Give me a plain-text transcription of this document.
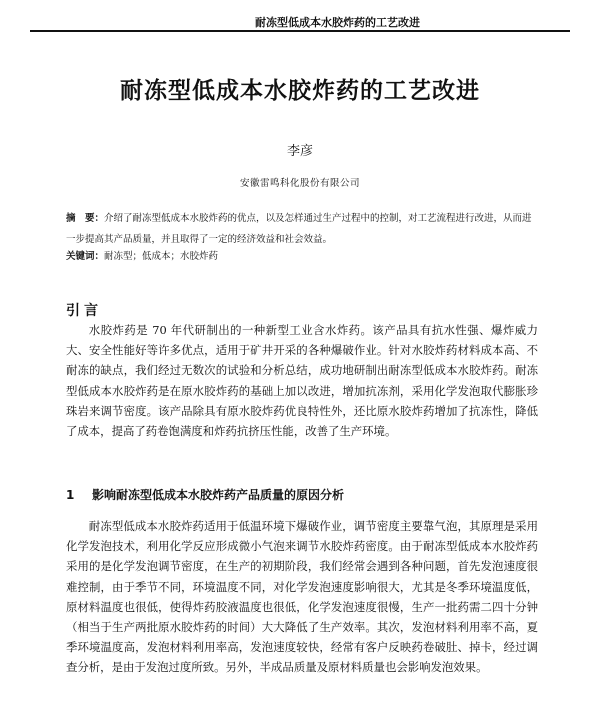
耐冻型低成本水胶炸药的工艺改进
耐冻型低成本水胶炸药的工艺改进
李彦
安徽雷鸣科化股份有限公司
摘　要：介绍了耐冻型低成本水胶炸药的优点，以及怎样通过生产过程中的控制，对工艺流程进行改进，从而进一步提高其产品质量，并且取得了一定的经济效益和社会效益。
关键词：耐冻型；低成本；水胶炸药
引言

水胶炸药是 70 年代研制出的一种新型工业含水炸药。该产品具有抗水性强、爆炸威力大、安全性能好等许多优点，适用于矿井开采的各种爆破作业。针对水胶炸药材料成本高、不耐冻的缺点，我们经过无数次的试验和分析总结，成功地研制出耐冻型低成本水胶炸药。耐冻型低成本水胶炸药是在原水胶炸药的基础上加以改进，增加抗冻剂，采用化学发泡取代膨胀珍珠岩来调节密度。该产品除具有原水胶炸药优良特性外，还比原水胶炸药增加了抗冻性，降低了成本，提高了药卷饱满度和炸药抗挤压性能，改善了生产环境。

1 影响耐冻型低成本水胶炸药产品质量的原因分析

耐冻型低成本水胶炸药适用于低温环境下爆破作业，调节密度主要靠气泡，其原理是采用化学发泡技术，利用化学反应形成微小气泡来调节水胶炸药密度。由于耐冻型低成本水胶炸药采用的是化学发泡调节密度，在生产的初期阶段，我们经常会遇到各种问题，首先发泡速度很难控制，由于季节不同，环境温度不同，对化学发泡速度影响很大，尤其是冬季环境温度低，原材料温度也很低，使得炸药胶液温度也很低，化学发泡速度很慢，生产一批药需二四十分钟（相当于生产两批原水胶炸药的时间）大大降低了生产效率。其次，发泡材料利用率不高，夏季环境温度高，发泡材料利用率高，发泡速度较快，经常有客户反映药卷破肚、掉卡，经过调查分析，是由于发泡过度所致。另外，半成品质量及原材料质量也会影响发泡效果。
